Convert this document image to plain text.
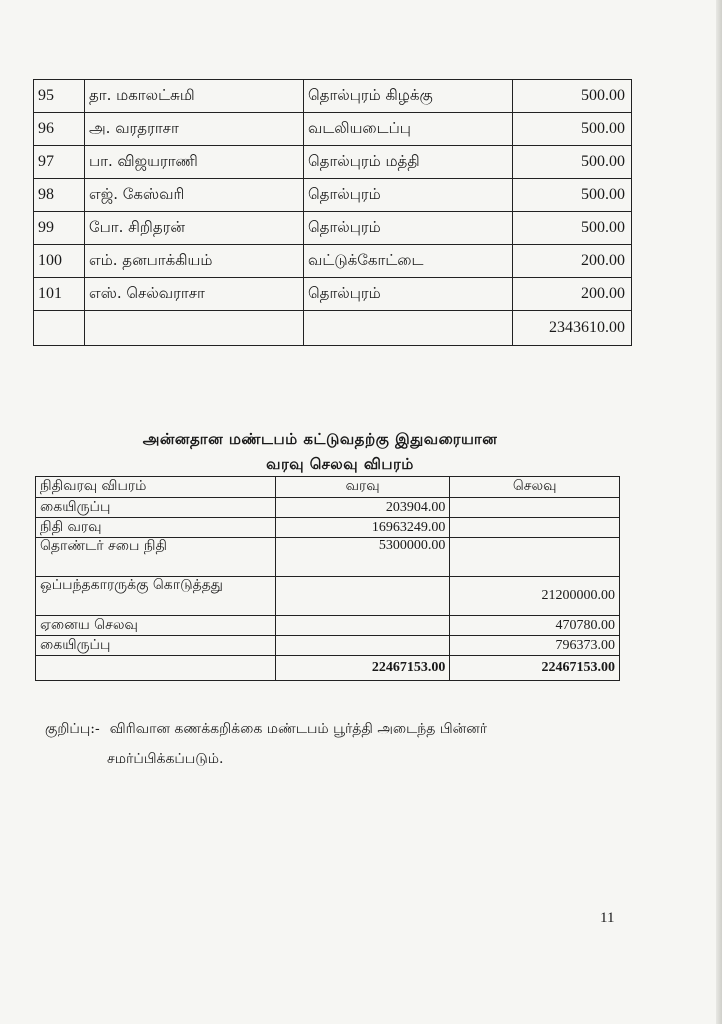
95	தா. மகாலட்சுமி	தொல்புரம் கிழக்கு	500.00
96	அ. வரதராசா	வடலியடைப்பு	500.00
97	பா. விஜயராணி	தொல்புரம் மத்தி	500.00
98	எஜ். கேஸ்வரி	தொல்புரம்	500.00
99	போ. சிறிதரன்	தொல்புரம்	500.00
100	எம். தனபாக்கியம்	வட்டுக்கோட்டை	200.00
101	எஸ். செல்வராசா	தொல்புரம்	200.00
			2343610.00
அன்னதான மண்டபம் கட்டுவதற்கு இதுவரையான
வரவு செலவு விபரம்
நிதிவரவு விபரம்	வரவு	செலவு
கையிருப்பு	203904.00	
நிதி வரவு	16963249.00	
தொண்டர் சபை நிதி	5300000.00	
ஒப்பந்தகாரருக்கு கொடுத்தது		21200000.00
ஏனைய செலவு		470780.00
கையிருப்பு		796373.00
	22467153.00	22467153.00
குறிப்பு:- விரிவான கணக்கறிக்கை மண்டபம் பூர்த்தி அடைந்த பின்னர்
சமர்ப்பிக்கப்படும்.
11
